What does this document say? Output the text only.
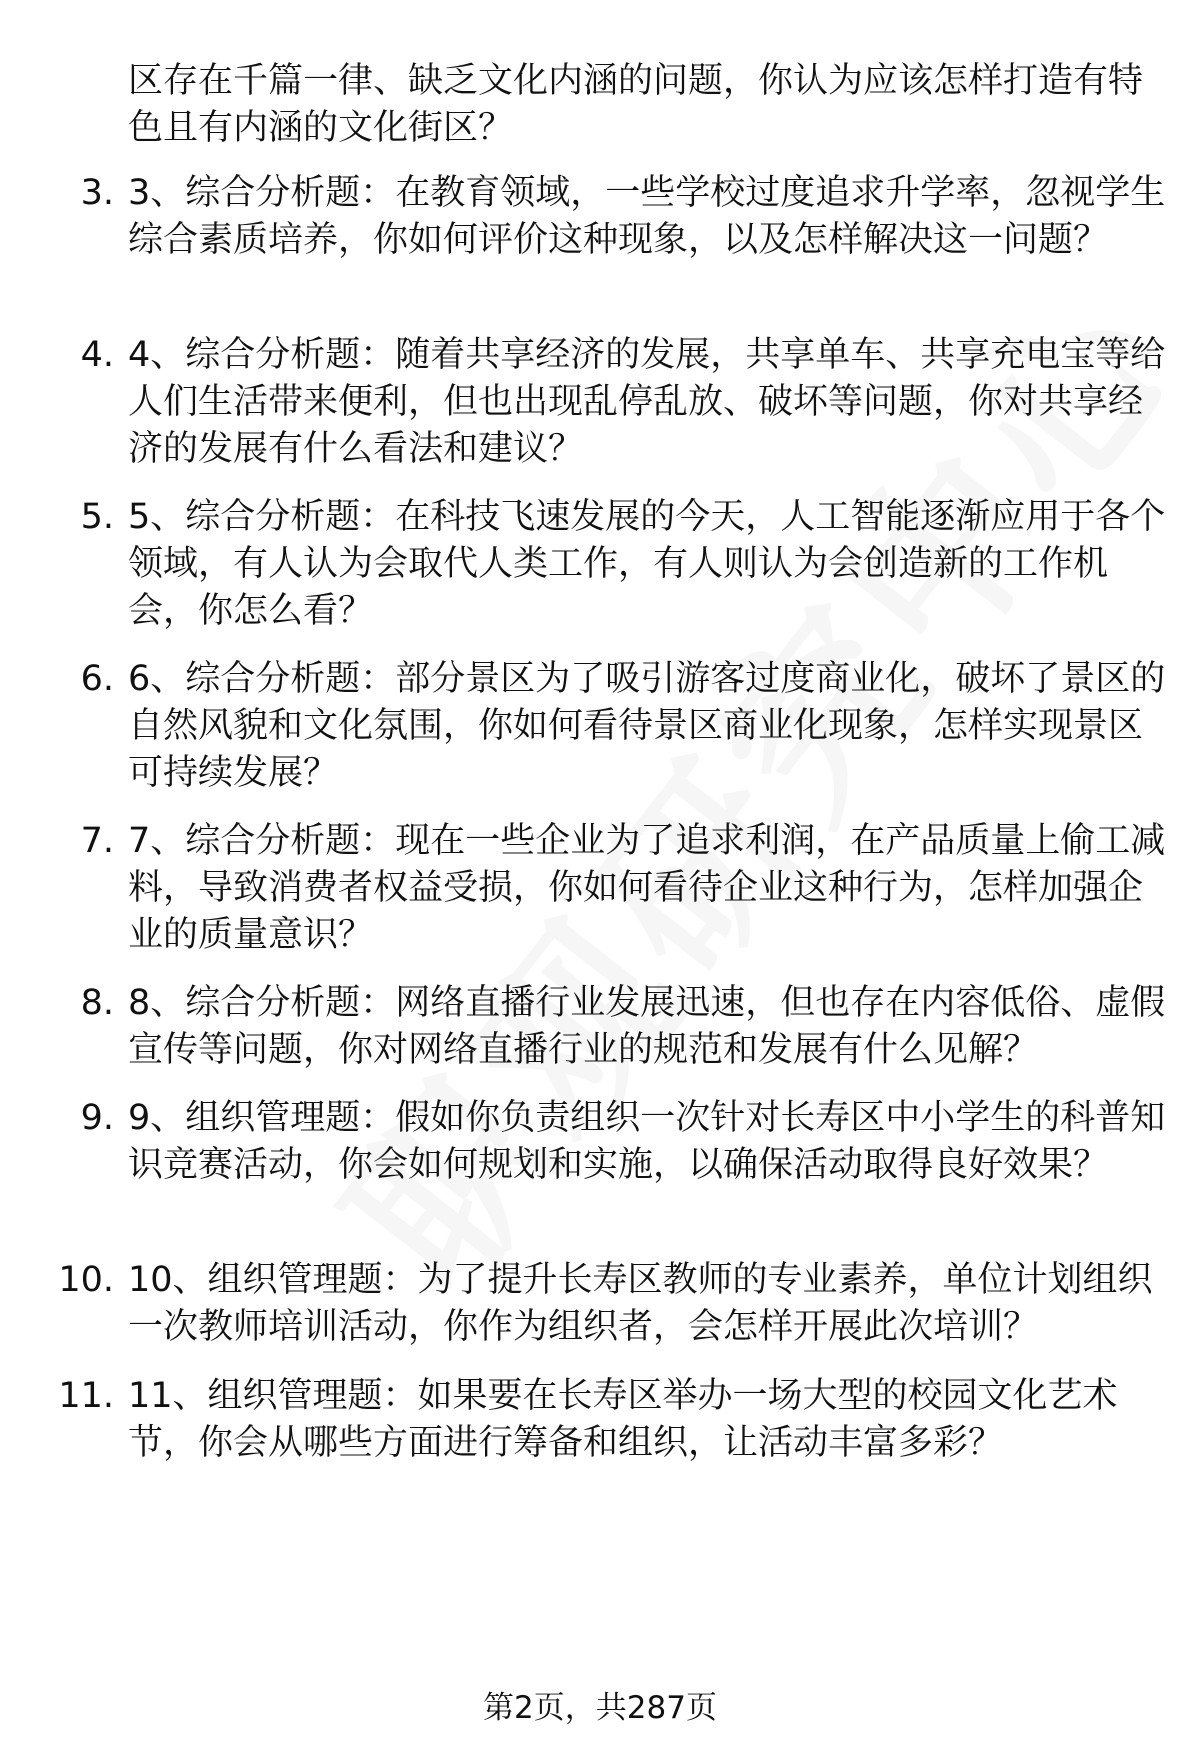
区存在千篇一律、缺乏文化内涵的问题，你认为应该怎样打造有特色且有内涵的文化街区？
3. 3、综合分析题：在教育领域，一些学校过度追求升学率，忽视学生综合素质培养，你如何评价这种现象，以及怎样解决这一问题？
4. 4、综合分析题：随着共享经济的发展，共享单车、共享充电宝等给人们生活带来便利，但也出现乱停乱放、破坏等问题，你对共享经济的发展有什么看法和建议？
5. 5、综合分析题：在科技飞速发展的今天，人工智能逐渐应用于各个领域，有人认为会取代人类工作，有人则认为会创造新的工作机会，你怎么看？
6. 6、综合分析题：部分景区为了吸引游客过度商业化，破坏了景区的自然风貌和文化氛围，你如何看待景区商业化现象，怎样实现景区可持续发展？
7. 7、综合分析题：现在一些企业为了追求利润，在产品质量上偷工减料，导致消费者权益受损，你如何看待企业这种行为，怎样加强企业的质量意识？
8. 8、综合分析题：网络直播行业发展迅速，但也存在内容低俗、虚假宣传等问题，你对网络直播行业的规范和发展有什么见解？
9. 9、组织管理题：假如你负责组织一次针对长寿区中小学生的科普知识竞赛活动，你会如何规划和实施，以确保活动取得良好效果？
10. 10、组织管理题：为了提升长寿区教师的专业素养，单位计划组织一次教师培训活动，你作为组织者，会怎样开展此次培训？
11. 11、组织管理题：如果要在长寿区举办一场大型的校园文化艺术节，你会从哪些方面进行筹备和组织，让活动丰富多彩？
第2页，共287页
